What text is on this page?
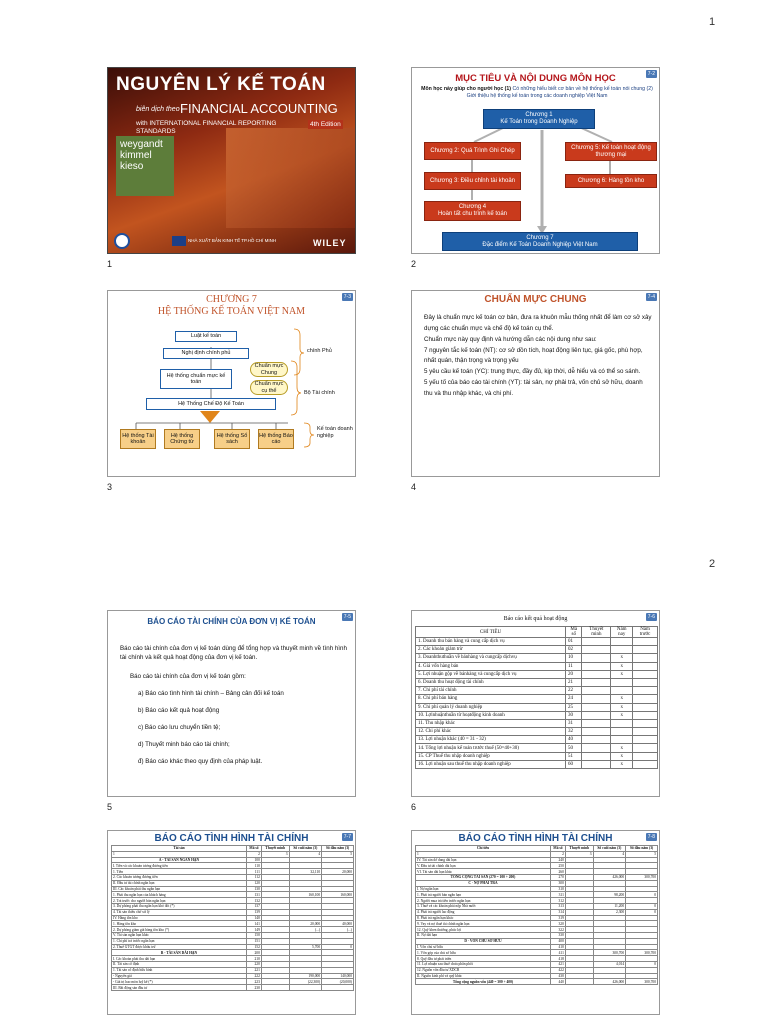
1
2
NGUYÊN LÝ KẾ TOÁN
biên dịch theo FINANCIAL ACCOUNTING
4th Edition
with INTERNATIONAL FINANCIAL REPORTING STANDARDS
weygandt
kimmel
kieso
NHÀ XUẤT BẢN KINH TẾ TP.HỒ CHÍ MINH	WILEY
1
7-2
MỤC TIÊU VÀ NỘI DUNG MÔN HỌC
Môn học này giúp cho người học (1) Có những hiểu biết cơ bản về hệ thống kế toán nói chung (2) Giới thiệu hệ thống kế toán trong các doanh nghiệp Việt Nam
Chương 1
Kế Toán trong Doanh Nghiệp
Chương 2: Quá Trình Ghi Chép
Chương 3: Điều chỉnh tài khoản
Chương 4
Hoàn tất chu trình kế toán
Chương 5: Kế toán hoạt động thương mại
Chương 6: Hàng tồn kho
Chương 7
Đặc điểm Kế Toán Doanh Nghiệp Việt Nam
2
7-3
CHƯƠNG 7
HỆ THỐNG KẾ TOÁN VIỆT NAM
Luật kế toán
Nghị định chính phủ	chính Phủ
Hệ thống chuẩn mực kế toán
Chuẩn mực Chung
Chuẩn mực cụ thể	Bộ Tài chính
Hệ Thống Chế Độ Kế Toán
Hệ thống Tài khoản
Hệ thống Chứng từ
Hệ thống Sổ sách
Hệ thống Báo cáo
Kế toán doanh nghiệp
3
7-4
CHUẨN MỰC CHUNG

Đây là chuẩn mực kế toán cơ bản, đưa ra khuôn mẫu thống nhất để làm cơ sở xây dựng các chuẩn mực và chế độ kế toán cụ thể.

Chuẩn mực này quy định và hướng dẫn các nội dung như sau:

7 nguyên tắc kế toán (NT): cơ sở dồn tích, hoạt động liên tục, giá gốc, phù hợp, nhất quán, thận trọng và trọng yếu

5 yêu cầu kế toán (YC): trung thực, đầy đủ, kịp thời, dễ hiểu và có thể so sánh.

5 yếu tố của báo cáo tài chính (YT): tài sản, nợ phải trả, vốn chủ sở hữu, doanh thu và thu nhập khác, và chi phí.

4
7-5
BÁO CÁO TÀI CHÍNH CỦA ĐƠN VỊ KẾ TOÁN
Báo cáo tài chính của đơn vị kế toán dùng để tổng hợp và thuyết minh về tình hình tài chính và kết quả hoạt động của đơn vị kế toán.
Báo cáo tài chính của đơn vị kế toán gồm:
a) Báo cáo tình hình tài chính – Bảng cân đối kế toán
b) Báo cáo kết quả hoạt động
c) Báo cáo lưu chuyển tiền tệ;
d) Thuyết minh báo cáo tài chính;
đ) Báo cáo khác theo quy định của pháp luật.
5
7-6
Báo cáo kết quả hoạt động
CHỈ TIÊU	Mã số	Thuyết minh	Năm nay	Năm trước
1. Doanh thu bán hàng và cung cấp dịch vụ	01			
2. Các khoản giảm trừ	02			
3. Doanhthuthuần về bánhàng và cungcấp dịchvụ	10		x	
4. Giá vốn hàng bán	11		x	
5. Lợi nhuận gộp về bánhàng và cungcấp dịch vụ	20		x	
6. Doanh thu hoạt động tài chính	21			
7. Chi phí tài chính	22			
8. Chi phí bán hàng	24		x	
9. Chi phí quản lý doanh nghiệp	25		x	
10. Lợinhuậnthuần từ hoạtđộng kinh doanh	30		x	
11. Thu nhập khác	31			
12. Chi phí khác	32			
13. Lợi nhuận khác (40 = 31 - 32)	40			
14. Tổng lợi nhuận kế toán trước thuế (50=40+30)	50		x	
15. CP Thuế thu nhập doanh nghiệp	51		x	
16. Lợi nhuận sau thuế thu nhập doanh nghiệp	60		x	
6
7-7
BÁO CÁO TÌNH HÌNH TÀI CHÍNH
Tài sản	Mã số	Thuyết minh	Số cuối năm (3)	Số đầu năm (3)
1	2	3	4	5
A - TÀI SẢN NGẮN HẠN	100			
I. Tiền và các khoản tương đương tiền	110			
1. Tiền	111		32,110	20,000
2. Các khoản tương đương tiền	112			
II. Đầu tư tài chính ngắn hạn	120			
III. Các khoản phải thu ngắn hạn	130			
1. Phải thu ngắn hạn của khách hàng	131		160,100	160,000
2. Trả trước cho người bán ngắn hạn	132			
3. Dự phòng phải thu ngắn hạn khó đòi (*)	137			
4. Tài sản thiếu chờ xử lý	139			
IV. Hàng tồn kho	140			
1. Hàng tồn kho	141		20,000	40,000
2. Dự phòng giảm giá hàng tồn kho (*)	149		(...)	(...)
V. Tài sản ngắn hạn khác	150			
1. Chi phí trả trước ngắn hạn	151			
2. Thuế GTGT được khấu trừ	152		5,700	0
B - TÀI SẢN DÀI HẠN	200			
I. Các khoản phải thu dài hạn	210			
II. Tài sản cố định	220			
1. Tài sản cố định hữu hình	221			
- Nguyên giá	222		190,000	140,000
- Giá trị hao mòn luỹ kế (*)	223		(22,300)	(20,000)
III. Bất động sản đầu tư	230			
7-8
BÁO CÁO TÌNH HÌNH TÀI CHÍNH
Chỉ tiêu	Mã số	Thuyết minh	Số cuối năm (3)	Số đầu năm (3)
1	2	3	4	5
IV. Tài sản dở dang dài hạn	240			
V. Đầu tư tài chính dài hạn	250			
VI. Tài sản dài hạn khác	260			
TỔNG CỘNG TÀI SẢN (270 = 100 + 200)	270		426,000	300,700
C - NỢ PHẢI TRẢ	300			
I. Nợ ngắn hạn	310			
1. Phải trả người bán ngắn hạn	311		98,200	0
2. Người mua trả tiền trước ngắn hạn	312			
3. Thuế và các khoản phải nộp Nhà nước	313		11,200	0
4. Phải trả người lao động	314		2,300	0
8. Phải trả ngắn hạn khác	319			
9. Vay và nợ thuê tài chính ngắn hạn	320			
12. Quỹ khen thưởng, phúc lợi	322			
II. Nợ dài hạn	330			
D - VỐN CHỦ SỞ HỮU	400			
I. Vốn chủ sở hữu	410			
1. Vốn góp của chủ sở hữu	411		300,700	300,700
8. Quỹ đầu tư phát triển	418			
11. Lợi nhuận sau thuế chưa phân phối	421		4,014	0
12. Nguồn vốn đầu tư XDCB	422			
II. Nguồn kinh phí và quỹ khác	430			
Tổng cộng nguồn vốn (440 = 300 + 400)	440		426,000	300,700
